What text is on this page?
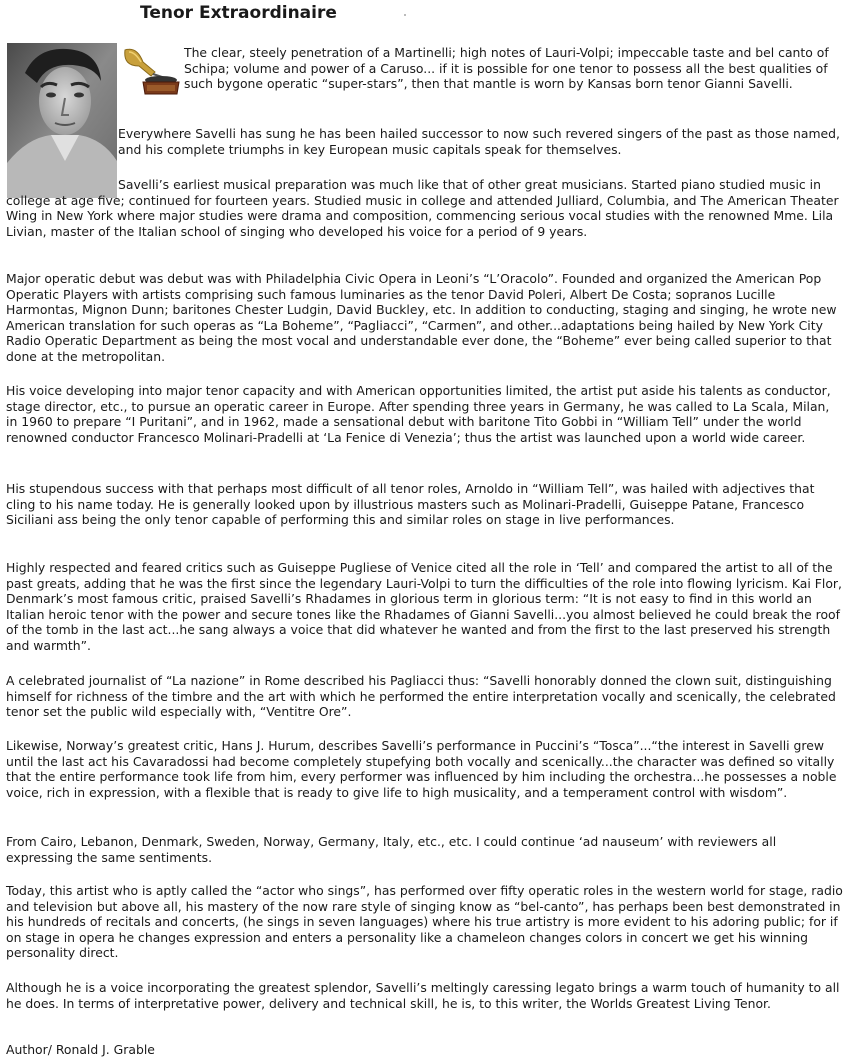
Tenor Extraordinaire

The clear, steely penetration of a Martinelli; high notes of Lauri-Volpi; impeccable taste and bel canto of Schipa; volume and power of a Caruso... if it is possible for one tenor to possess all the best qualities of such bygone operatic “super-stars”, then that mantle is worn by Kansas born tenor Gianni Savelli.

Everywhere Savelli has sung he has been hailed successor to now such revered singers of the past as those named, and his complete triumphs in key European music capitals speak for themselves.

Savelli’s earliest musical preparation was much like that of other great musicians. Started piano studied music in college at age five; continued for fourteen years. Studied music in college and attended Julliard, Columbia, and The American Theater Wing in New York where major studies were drama and composition, commencing serious vocal studies with the renowned Mme. Lila Livian, master of the Italian school of singing who developed his voice for a period of 9 years.

Major operatic debut was debut was with Philadelphia Civic Opera in Leoni’s “L’Oracolo”. Founded and organized the American Pop Operatic Players with artists comprising such famous luminaries as the tenor David Poleri, Albert De Costa; sopranos Lucille Harmontas, Mignon Dunn; baritones Chester Ludgin, David Buckley, etc. In addition to conducting, staging and singing, he wrote new American translation for such operas as “La Boheme”, “Pagliacci”, “Carmen”, and other...adaptations being hailed by New York City Radio Operatic Department as being the most vocal and understandable ever done, the “Boheme” ever being called superior to that done at the metropolitan.

His voice developing into major tenor capacity and with American opportunities limited, the artist put aside his talents as conductor, stage director, etc., to pursue an operatic career in Europe. After spending three years in Germany, he was called to La Scala, Milan, in 1960 to prepare “I Puritani”, and in 1962, made a sensational debut with baritone Tito Gobbi in “William Tell” under the world renowned conductor Francesco Molinari-Pradelli at ‘La Fenice di Venezia’; thus the artist was launched upon a world wide career.

His stupendous success with that perhaps most difficult of all tenor roles, Arnoldo in “William Tell”, was hailed with adjectives that cling to his name today. He is generally looked upon by illustrious masters such as Molinari-Pradelli, Guiseppe Patane, Francesco Siciliani ass being the only tenor capable of performing this and similar roles on stage in live performances.

Highly respected and feared critics such as Guiseppe Pugliese of Venice cited all the role in ‘Tell’ and compared the artist to all of the past greats, adding that he was the first since the legendary Lauri-Volpi to turn the difficulties of the role into flowing lyricism. Kai Flor, Denmark’s most famous critic, praised Savelli’s Rhadames in glorious term in glorious term: “It is not easy to find in this world an Italian heroic tenor with the power and secure tones like the Rhadames of Gianni Savelli...you almost believed he could break the roof of the tomb in the last act...he sang always a voice that did whatever he wanted and from the first to the last preserved his strength and warmth”.

A celebrated journalist of “La nazione” in Rome described his Pagliacci thus: “Savelli honorably donned the clown suit, distinguishing himself for richness of the timbre and the art with which he performed the entire interpretation vocally and scenically, the celebrated tenor set the public wild especially with, “Ventitre Ore”.

Likewise, Norway’s greatest critic, Hans J. Hurum, describes Savelli’s performance in Puccini’s “Tosca”...“the interest in Savelli grew until the last act his Cavaradossi had become completely stupefying both vocally and scenically...the character was defined so vitally that the entire performance took life from him, every performer was influenced by him including the orchestra...he possesses a noble voice, rich in expression, with a flexible that is ready to give life to high musicality, and a temperament control with wisdom”.

From Cairo, Lebanon, Denmark, Sweden, Norway, Germany, Italy, etc., etc. I could continue ‘ad nauseum’ with reviewers all expressing the same sentiments.

Today, this artist who is aptly called the “actor who sings”, has performed over fifty operatic roles in the western world for stage, radio and television but above all, his mastery of the now rare style of singing know as “bel-canto”, has perhaps been best demonstrated in his hundreds of recitals and concerts, (he sings in seven languages) where his true artistry is more evident to his adoring public; for if on stage in opera he changes expression and enters a personality like a chameleon changes colors in concert we get his winning personality direct.

Although he is a voice incorporating the greatest splendor, Savelli’s meltingly caressing legato brings a warm touch of humanity to all he does. In terms of interpretative power, delivery and technical skill, he is, to this writer, the Worlds Greatest Living Tenor.

Author/ Ronald J. Grable
